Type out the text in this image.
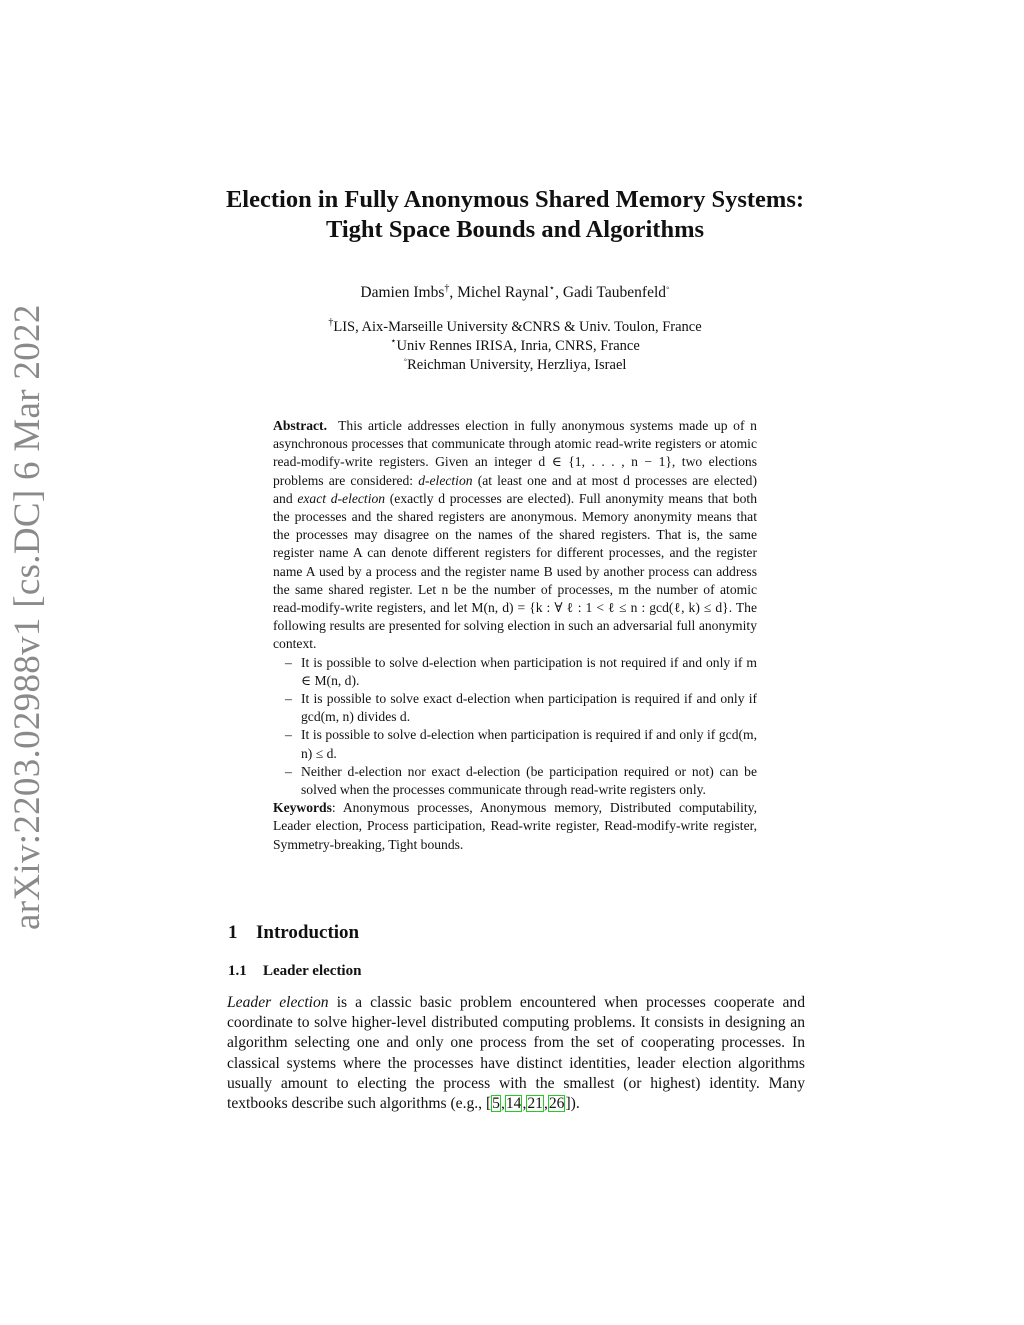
arXiv:2203.02988v1 [cs.DC] 6 Mar 2022
Election in Fully Anonymous Shared Memory Systems:
Tight Space Bounds and Algorithms
Damien Imbs†, Michel Raynal⋆, Gadi Taubenfeld◦
†LIS, Aix-Marseille University &CNRS & Univ. Toulon, France
⋆Univ Rennes IRISA, Inria, CNRS, France
◦Reichman University, Herzliya, Israel

Abstract. This article addresses election in fully anonymous systems made up of n asynchronous processes that communicate through atomic read-write registers or atomic read-modify-write registers. Given an integer d ∈ {1, . . . , n − 1}, two elections problems are considered: d-election (at least one and at most d processes are elected) and exact d-election (exactly d processes are elected). Full anonymity means that both the processes and the shared registers are anonymous. Memory anonymity means that the processes may disagree on the names of the shared registers. That is, the same register name A can denote different registers for different processes, and the register name A used by a process and the register name B used by another process can address the same shared register. Let n be the number of processes, m the number of atomic read-modify-write registers, and let M(n, d) = {k : ∀ ℓ : 1 < ℓ ≤ n : gcd(ℓ, k) ≤ d}. The following results are presented for solving election in such an adversarial full anonymity context.

– It is possible to solve d-election when participation is not required if and only if m ∈ M(n, d).
– It is possible to solve exact d-election when participation is required if and only if gcd(m, n) divides d.
– It is possible to solve d-election when participation is required if and only if gcd(m, n) ≤ d.
– Neither d-election nor exact d-election (be participation required or not) can be solved when the processes communicate through read-write registers only.

Keywords: Anonymous processes, Anonymous memory, Distributed computability, Leader election, Process participation, Read-write register, Read-modify-write register, Symmetry-breaking, Tight bounds.

1 Introduction
1.1 Leader election

Leader election is a classic basic problem encountered when processes cooperate and coordinate to solve higher-level distributed computing problems. It consists in designing an algorithm selecting one and only one process from the set of cooperating processes. In classical systems where the processes have distinct identities, leader election algorithms usually amount to electing the process with the smallest (or highest) identity. Many textbooks describe such algorithms (e.g., [5,14,21,26]).
